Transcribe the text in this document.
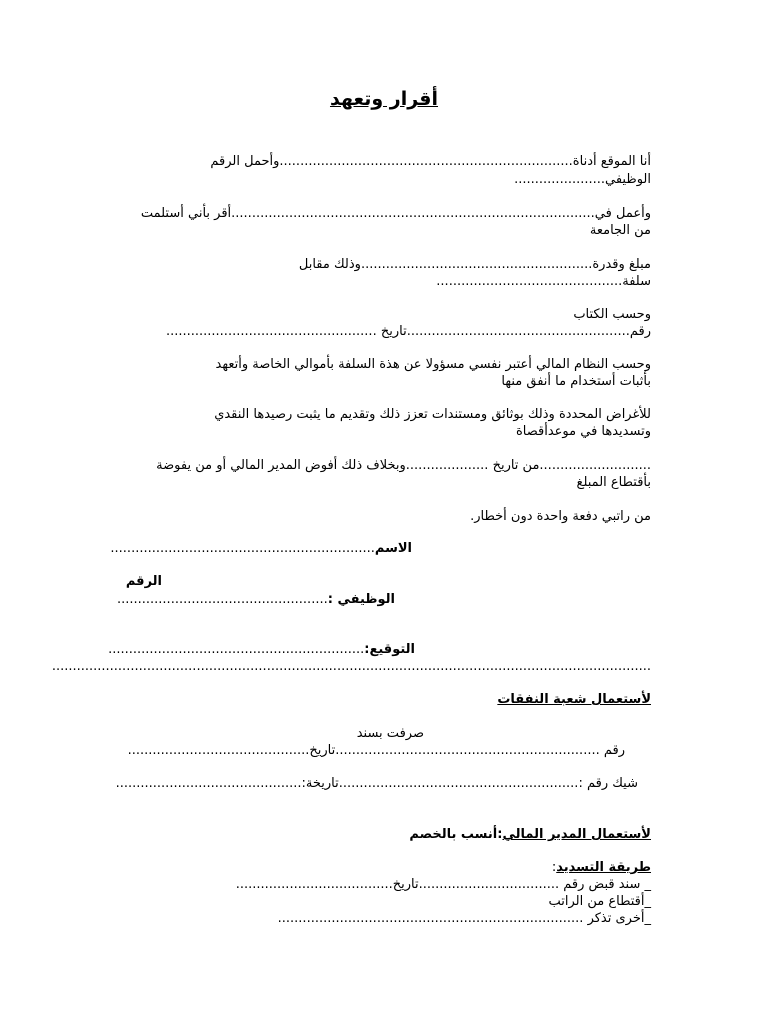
أقرار وتعهد
أنا الموقع أدناة.......................................................................وأحمل الرقم
الوظيفي......................
وأعمل في........................................................................................أقر بأني أستلمت
من الجامعة
مبلغ وقدرة........................................................وذلك مقابل
سلفة.............................................
وحسب الكتاب
رقم......................................................تاريخ ...................................................
وحسب النظام المالي أعتبر نفسي مسؤولا عن هذة السلفة بأموالي الخاصة وأتعهد
بأثبات أستخدام ما أنفق منها
للأغراض المحددة وذلك بوثائق ومستندات تعزز ذلك وتقديم ما يثبت رصيدها النقدي
وتسديدها في موعدأقصاة
...........................من تاريخ ....................وبخلاف ذلك أفوض المدير المالي أو من يفوضة
بأقتطاع المبلغ
من راتبي دفعة واحدة دون أخطار.
الاسم................................................................
الرقم
الوظيفي :...................................................
التوقيع:..............................................................
.................................................................................................................................................
لأستعمال شعبة النفقات
صرفت بسند
رقم ................................................................تاريخ............................................
شيك رقم :..........................................................تاريخة:.............................................
لأستعمال المدير المالي:أنسب بالخصم
طريقة التسديد:
_ سند قبض رقم ..................................تاريخ......................................
_أقتطاع من الراتب
_أخرى تذكر ..........................................................................
